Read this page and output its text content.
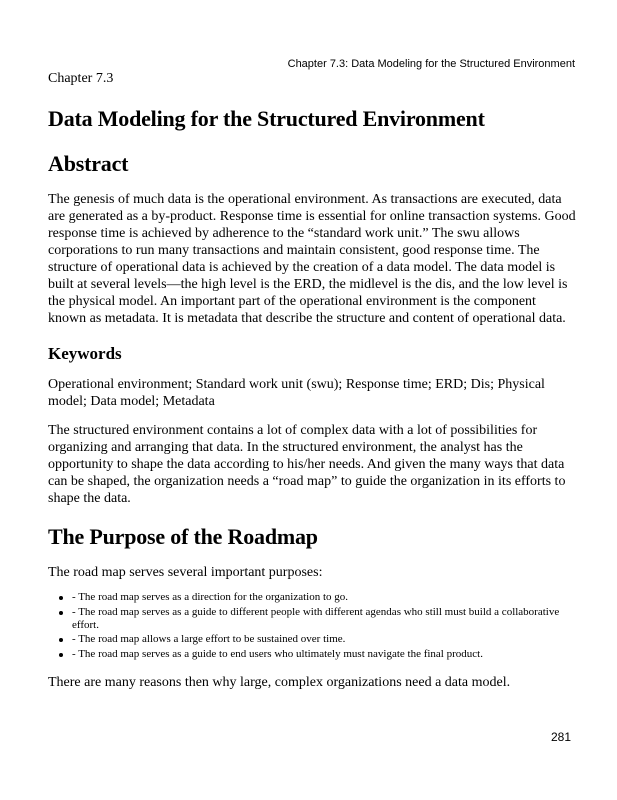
Chapter 7.3: Data Modeling for the Structured Environment

Chapter 7.3

Data Modeling for the Structured Environment
Abstract

The genesis of much data is the operational environment. As transactions are executed, data are generated as a by-product. Response time is essential for online transaction systems. Good response time is achieved by adherence to the “standard work unit.” The swu allows corporations to run many transactions and maintain consistent, good response time. The structure of operational data is achieved by the creation of a data model. The data model is built at several levels—the high level is the ERD, the midlevel is the dis, and the low level is the physical model. An important part of the operational environment is the component known as metadata. It is metadata that describe the structure and content of operational data.

Keywords

Operational environment; Standard work unit (swu); Response time; ERD; Dis; Physical model; Data model; Metadata

The structured environment contains a lot of complex data with a lot of possibilities for organizing and arranging that data. In the structured environment, the analyst has the opportunity to shape the data according to his/her needs. And given the many ways that data can be shaped, the organization needs a “road map” to guide the organization in its efforts to shape the data.

The Purpose of the Roadmap

The road map serves several important purposes:

- The road map serves as a direction for the organization to go.
- The road map serves as a guide to different people with different agendas who still must build a collaborative effort.
- The road map allows a large effort to be sustained over time.
- The road map serves as a guide to end users who ultimately must navigate the final product.

There are many reasons then why large, complex organizations need a data model.

281
